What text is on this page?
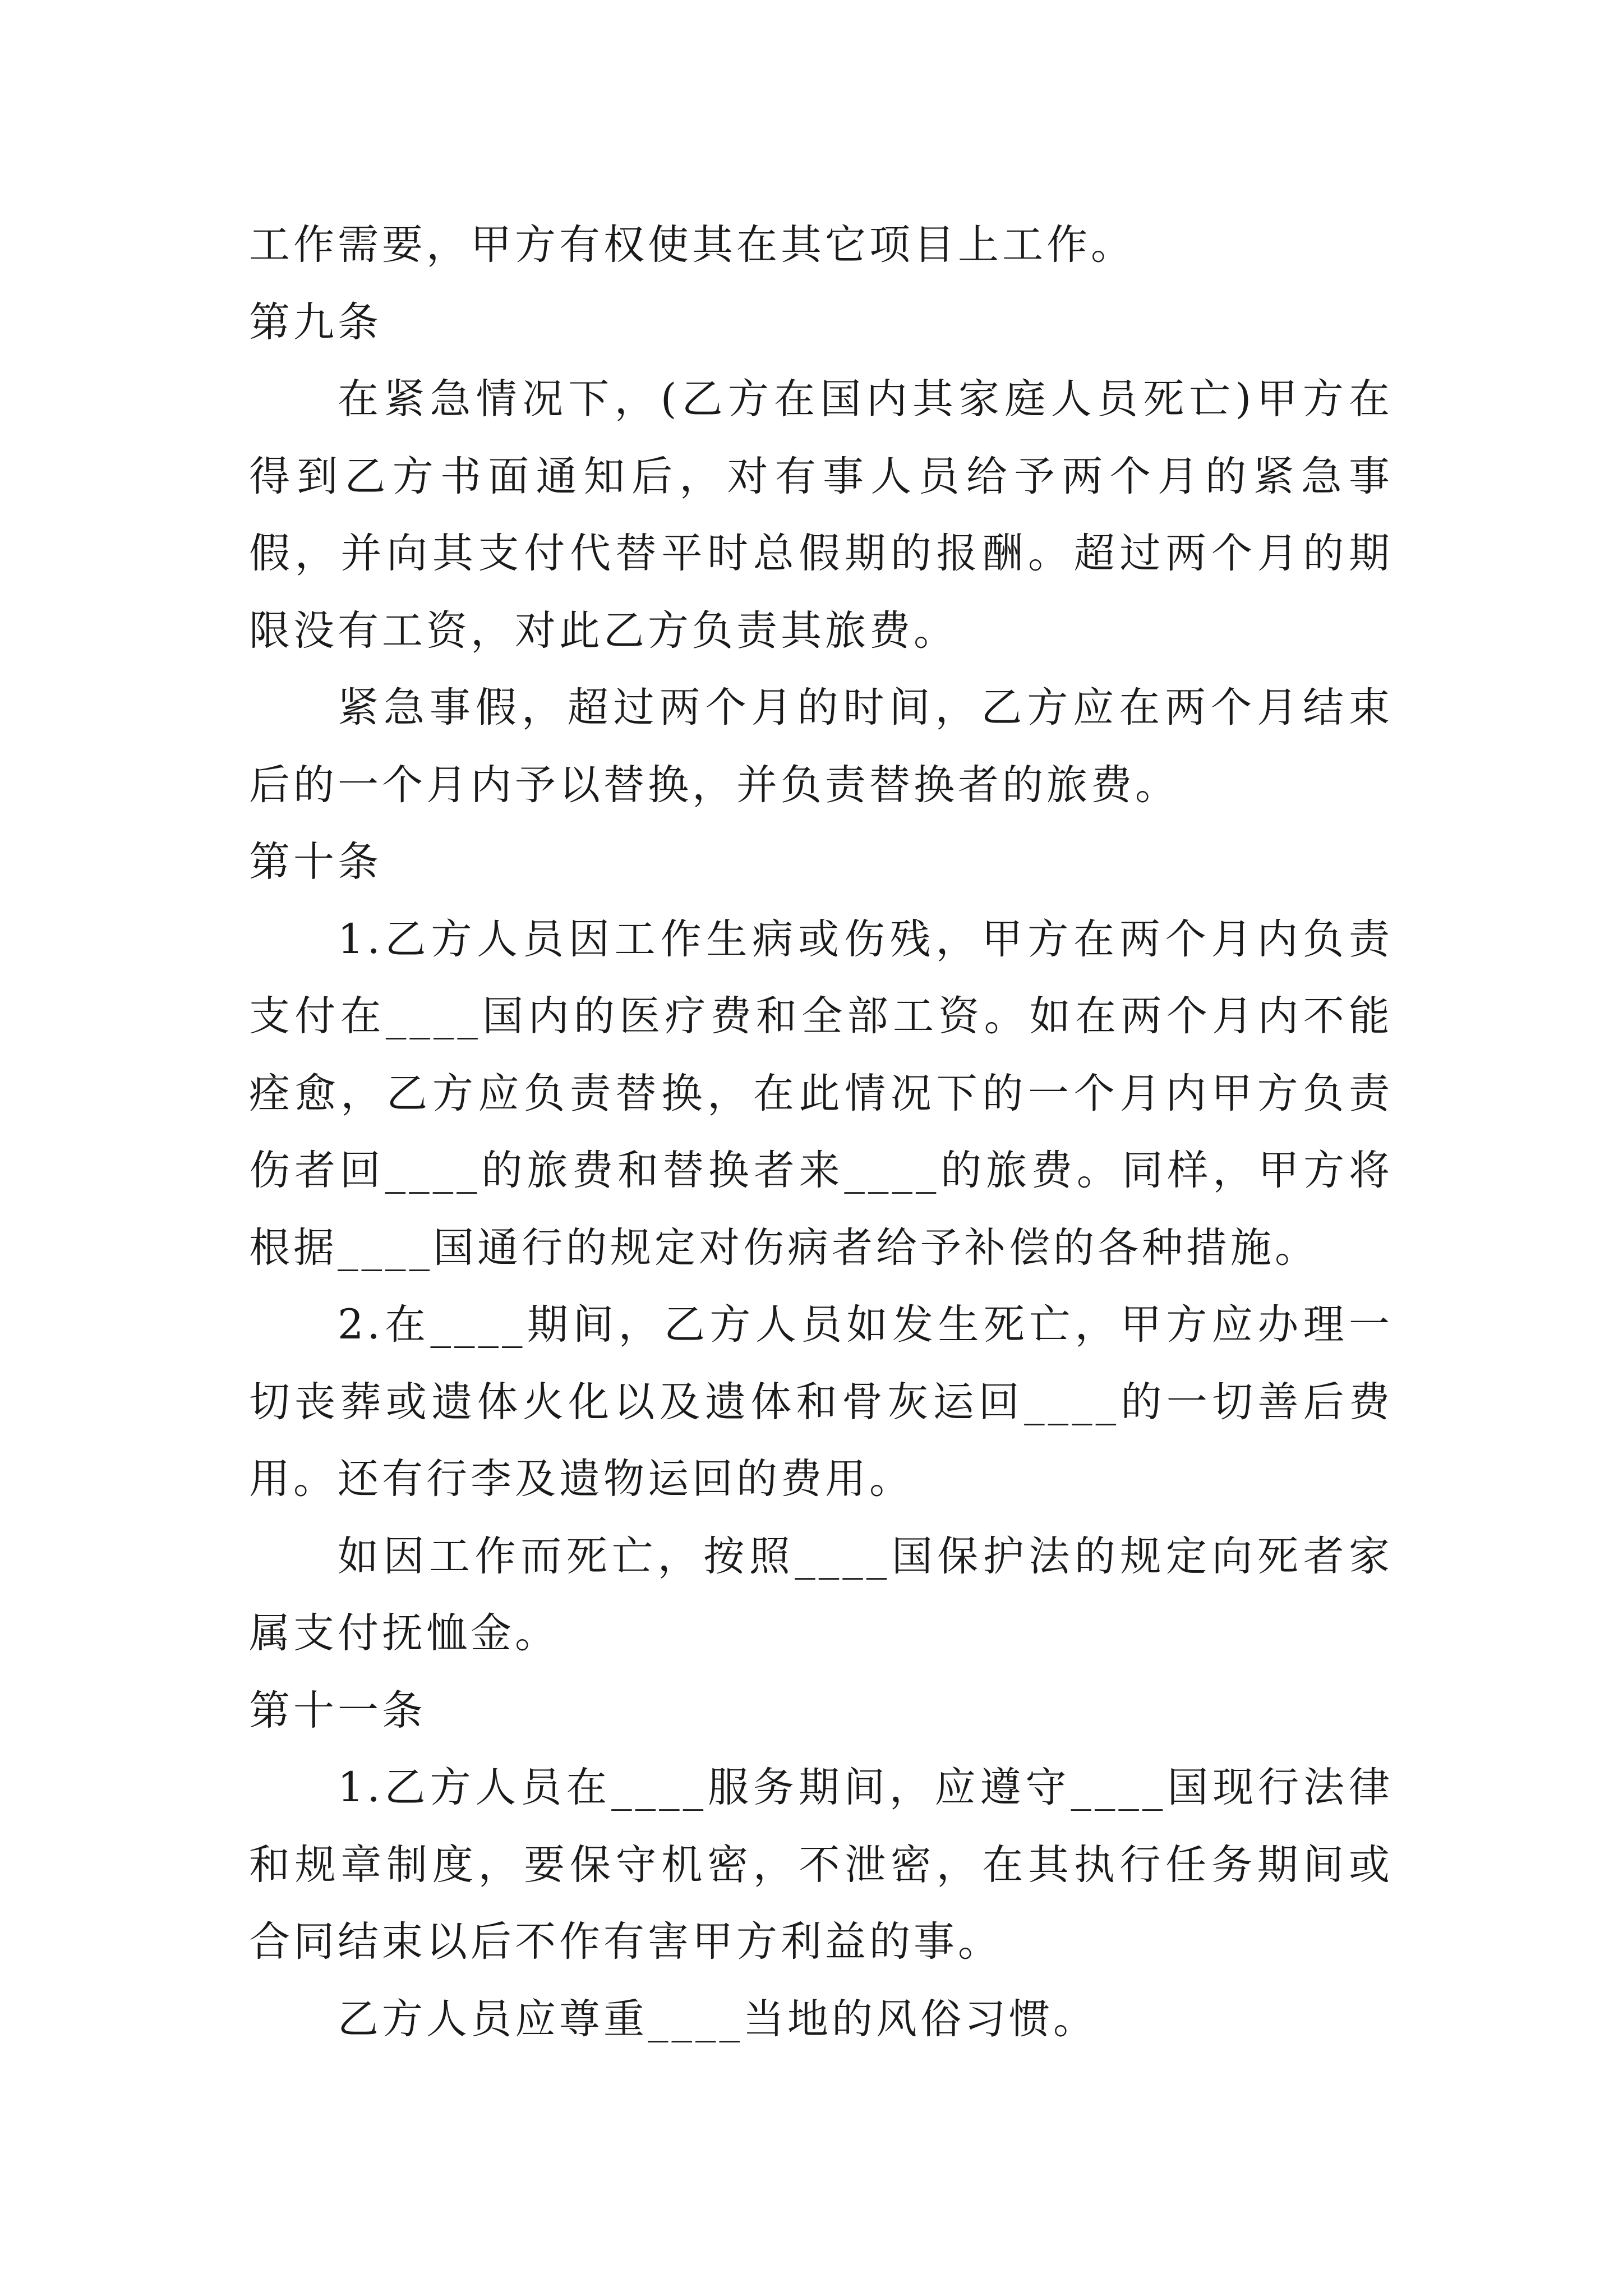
工作需要，甲方有权使其在其它项目上工作。

第九条

在紧急情况下，(乙方在国内其家庭人员死亡)甲方在得到乙方书面通知后，对有事人员给予两个月的紧急事假，并向其支付代替平时总假期的报酬。超过两个月的期限没有工资，对此乙方负责其旅费。

紧急事假，超过两个月的时间，乙方应在两个月结束后的一个月内予以替换，并负责替换者的旅费。

第十条

1.乙方人员因工作生病或伤残，甲方在两个月内负责支付在____国内的医疗费和全部工资。如在两个月内不能痊愈，乙方应负责替换，在此情况下的一个月内甲方负责伤者回____的旅费和替换者来____的旅费。同样，甲方将根据____国通行的规定对伤病者给予补偿的各种措施。

2.在____期间，乙方人员如发生死亡，甲方应办理一切丧葬或遗体火化以及遗体和骨灰运回____的一切善后费用。还有行李及遗物运回的费用。

如因工作而死亡，按照____国保护法的规定向死者家属支付抚恤金。

第十一条

1.乙方人员在____服务期间，应遵守____国现行法律和规章制度，要保守机密，不泄密，在其执行任务期间或合同结束以后不作有害甲方利益的事。

乙方人员应尊重____当地的风俗习惯。
